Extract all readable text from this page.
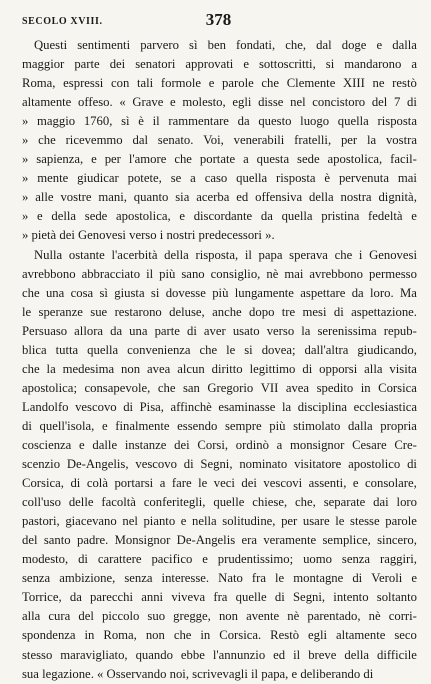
SECOLO XVIII.	378
Questi sentimenti parvero sì ben fondati, che, dal doge e dalla
maggior parte dei senatori approvati e sottoscritti, si mandarono a
Roma, espressi con tali formole e parole che Clemente XIII ne restò
altamente offeso. « Grave e molesto, egli disse nel concistoro del 7 di
» maggio 1760, sì è il rammentare da questo luogo quella risposta
» che ricevemmo dal senato. Voi, venerabili fratelli, per la vostra
» sapienza, e per l'amore che portate a questa sede apostolica, facil-
» mente giudicar potete, se a caso quella risposta è pervenuta mai
» alle vostre mani, quanto sia acerba ed offensiva della nostra dignità,
» e della sede apostolica, e discordante da quella pristina fedeltà e
» pietà dei Genovesi verso i nostri predecessori ».
Nulla ostante l'acerbità della risposta, il papa sperava che i Genovesi
avrebbono abbracciato il più sano consiglio, nè mai avrebbono permesso
che una cosa sì giusta si dovesse più lungamente aspettare da loro. Ma
le speranze sue restarono deluse, anche dopo tre mesi di aspettazione.
Persuaso allora da una parte di aver usato verso la serenissima repub-
blica tutta quella convenienza che le si dovea; dall'altra giudicando,
che la medesima non avea alcun diritto legittimo di opporsi alla visita
apostolica; consapevole, che san Gregorio VII avea spedito in Corsica
Landolfo vescovo di Pisa, affinchè esaminasse la disciplina ecclesiastica
di quell'isola, e finalmente essendo sempre più stimolato dalla propria
coscienza e dalle instanze dei Corsi, ordinò a monsignor Cesare Cre-
scenzio De-Angelis, vescovo di Segni, nominato visitatore apostolico di
Corsica, di colà portarsi a fare le veci dei vescovi assenti, e consolare,
coll'uso delle facoltà conferitegli, quelle chiese, che, separate dai loro
pastori, giacevano nel pianto e nella solitudine, per usare le stesse parole
del santo padre. Monsignor De-Angelis era veramente semplice, sincero,
modesto, di carattere pacifico e prudentissimo; uomo senza raggiri,
senza ambizione, senza interesse. Nato fra le montagne di Veroli e
Torrice, da parecchi anni viveva fra quelle di Segni, intento soltanto
alla cura del piccolo suo gregge, non avente nè parentado, nè corri-
spondenza in Roma, non che in Corsica. Restò egli altamente seco
stesso maravigliato, quando ebbe l'annunzio ed il breve della difficile
sua legazione. « Osservando noi, scrivevagli il papa, e deliberando di
